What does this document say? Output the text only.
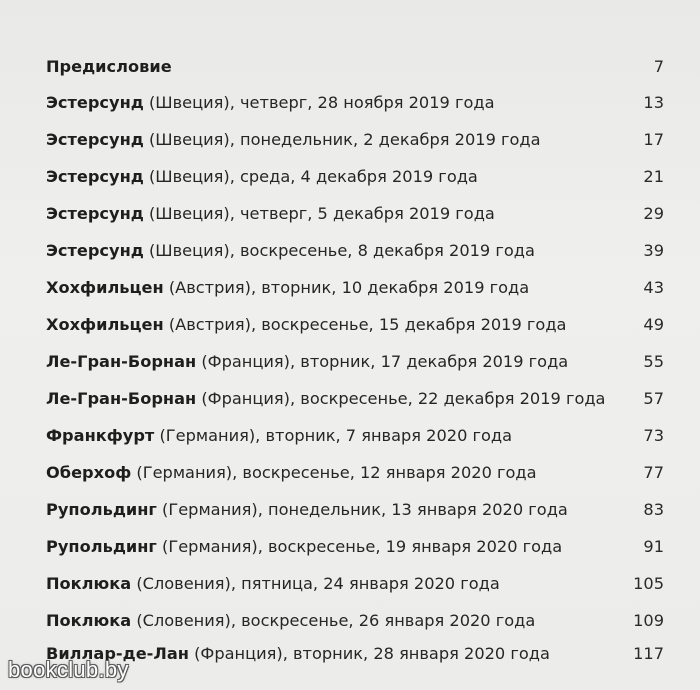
Предисловие	7
Эстерсунд (Швеция), четверг, 28 ноября 2019 года	13
Эстерсунд (Швеция), понедельник, 2 декабря 2019 года	17
Эстерсунд (Швеция), среда, 4 декабря 2019 года	21
Эстерсунд (Швеция), четверг, 5 декабря 2019 года	29
Эстерсунд (Швеция), воскресенье, 8 декабря 2019 года	39
Хохфильцен (Австрия), вторник, 10 декабря 2019 года	43
Хохфильцен (Австрия), воскресенье, 15 декабря 2019 года	49
Ле-Гран-Борнан (Франция), вторник, 17 декабря 2019 года	55
Ле-Гран-Борнан (Франция), воскресенье, 22 декабря 2019 года	57
Франкфурт (Германия), вторник, 7 января 2020 года	73
Оберхоф (Германия), воскресенье, 12 января 2020 года	77
Рупольдинг (Германия), понедельник, 13 января 2020 года	83
Рупольдинг (Германия), воскресенье, 19 января 2020 года	91
Поклюка (Словения), пятница, 24 января 2020 года	105
Поклюка (Словения), воскресенье, 26 января 2020 года	109
Виллар-де-Лан (Франция), вторник, 28 января 2020 года	117
bookclub.by
